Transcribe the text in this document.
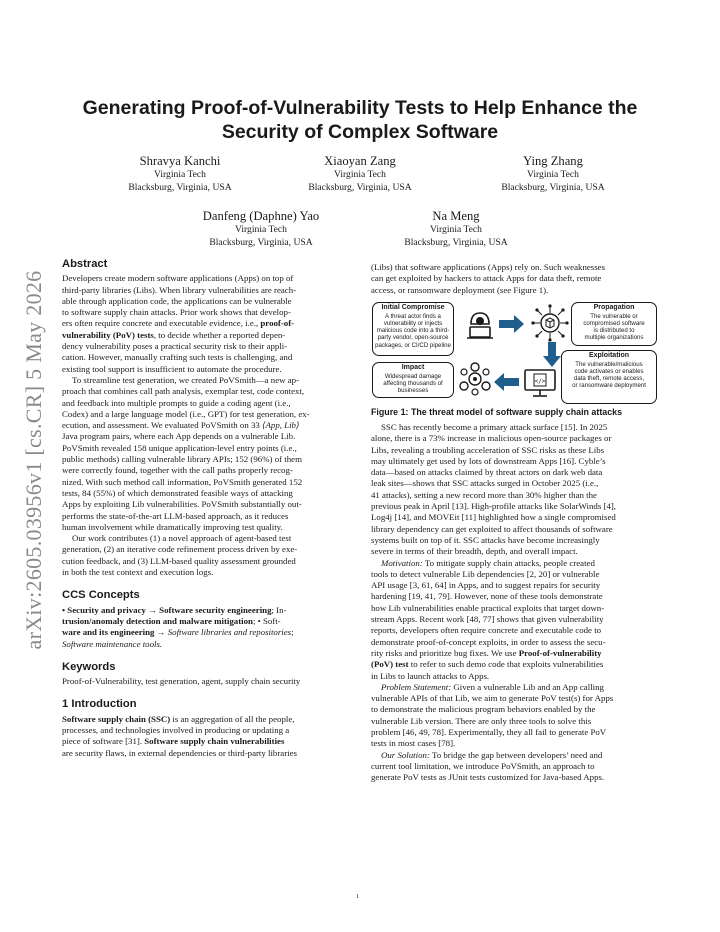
arXiv:2605.03956v1 [cs.CR] 5 May 2026
Generating Proof-of-Vulnerability Tests to Help Enhance the
Security of Complex Software
Shravya Kanchi
Virginia Tech
Blacksburg, Virginia, USA
Xiaoyan Zang
Virginia Tech
Blacksburg, Virginia, USA
Ying Zhang
Virginia Tech
Blacksburg, Virginia, USA
Danfeng (Daphne) Yao
Virginia Tech
Blacksburg, Virginia, USA
Na Meng
Virginia Tech
Blacksburg, Virginia, USA
Abstract

Developers create modern software applications (Apps) on top of
third-party libraries (Libs). When library vulnerabilities are reach-
able through application code, the applications can be vulnerable
to software supply chain attacks. Prior work shows that develop-
ers often require concrete and executable evidence, i.e., proof-of-
vulnerability (PoV) tests, to decide whether a reported depen-
dency vulnerability poses a practical security risk to their appli-
cation. However, manually crafting such tests is challenging, and
existing tool support is insufficient to automate the procedure.

To streamline test generation, we created PoVSmith—a new ap-
proach that combines call path analysis, exemplar test, code context,
and feedback into multiple prompts to guide a coding agent (i.e.,
Codex) and a large language model (i.e., GPT) for test generation, ex-
ecution, and assessment. We evaluated PoVSmith on 33 ⟨App, Lib⟩
Java program pairs, where each App depends on a vulnerable Lib.
PoVSmith revealed 158 unique application-level entry points (i.e.,
public methods) calling vulnerable library APIs; 152 (96%) of them
were correctly found, together with the call paths properly recog-
nized. With such method call information, PoVSmith generated 152
tests, 84 (55%) of which demonstrated feasible ways of attacking
Apps by exploiting Lib vulnerabilities. PoVSmith substantially out-
performs the state-of-the-art LLM-based approach, as it reduces
human involvement while dramatically improving test quality.

Our work contributes (1) a novel approach of agent-based test
generation, (2) an iterative code refinement process driven by exe-
cution feedback, and (3) LLM-based quality assessment grounded
in both the test context and execution logs.

CCS Concepts

• Security and privacy → Software security engineering; In-
trusion/anomaly detection and malware mitigation; • Soft-
ware and its engineering → Software libraries and repositories;
Software maintenance tools.

Keywords

Proof-of-Vulnerability, test generation, agent, supply chain security

1 Introduction

Software supply chain (SSC) is an aggregation of all the people,
processes, and technologies involved in producing or updating a
piece of software [31]. Software supply chain vulnerabilities
are security flaws, in external dependencies or third-party libraries

(Libs) that software applications (Apps) rely on. Such weaknesses
can get exploited by hackers to attack Apps for data theft, remote
access, or ransomware deployment (see Figure 1).
Initial Compromise
A threat actor finds a
vulnerability or injects
malicious code into a third-
party vendor, open-source
packages, or CI/CD pipeline
Propagation
The vulnerable or
compromised software
is distributed to
multiple organizations
Exploitation
The vulnerable/malicious
code activates or enables
data theft, remote access,
or ransomware deployment
</>
Impact
Widespread damage
affecting thousands of
businesses
Figure 1: The threat model of software supply chain attacks

SSC has recently become a primary attack surface [15]. In 2025
alone, there is a 73% increase in malicious open-source packages or
Libs, revealing a troubling acceleration of SSC risks as these Libs
may ultimately get used by lots of downstream Apps [16]. Cyble’s
data—based on attacks claimed by threat actors on dark web data
leak sites—shows that SSC attacks surged in October 2025 (i.e.,
41 attacks), setting a new record more than 30% higher than the
previous peak in April [13]. High-profile attacks like SolarWinds [4],
Log4j [14], and MOVEit [11] highlighted how a single compromised
library dependency can get exploited to affect thousands of software
systems built on top of it. SSC attacks have become increasingly
severe in terms of their breadth, depth, and overall impact.

Motivation: To mitigate supply chain attacks, people created
tools to detect vulnerable Lib dependencies [2, 20] or vulnerable
API usage [3, 61, 64] in Apps, and to suggest repairs for security
hardening [19, 41, 79]. However, none of these tools demonstrate
how Lib vulnerabilities enable practical exploits that target down-
stream Apps. Recent work [48, 77] shows that given vulnerability
reports, developers often require concrete and executable code to
demonstrate proof-of-concept exploits, in order to assess the secu-
rity risks and prioritize bug fixes. We use Proof-of-vulnerability
(PoV) test to refer to such demo code that exploits vulnerabilities
in Libs to launch attacks to Apps.

Problem Statement: Given a vulnerable Lib and an App calling
vulnerable APIs of that Lib, we aim to generate PoV test(s) for Apps
to demonstrate the malicious program behaviors enabled by the
vulnerable Lib version. There are only three tools to solve this
problem [46, 49, 78]. Experimentally, they all fail to generate PoV
tests in most cases [78].

Our Solution: To bridge the gap between developers’ need and
current tool limitation, we introduce PoVSmith, an approach to
generate PoV tests as JUnit tests customized for Java-based Apps.

1
